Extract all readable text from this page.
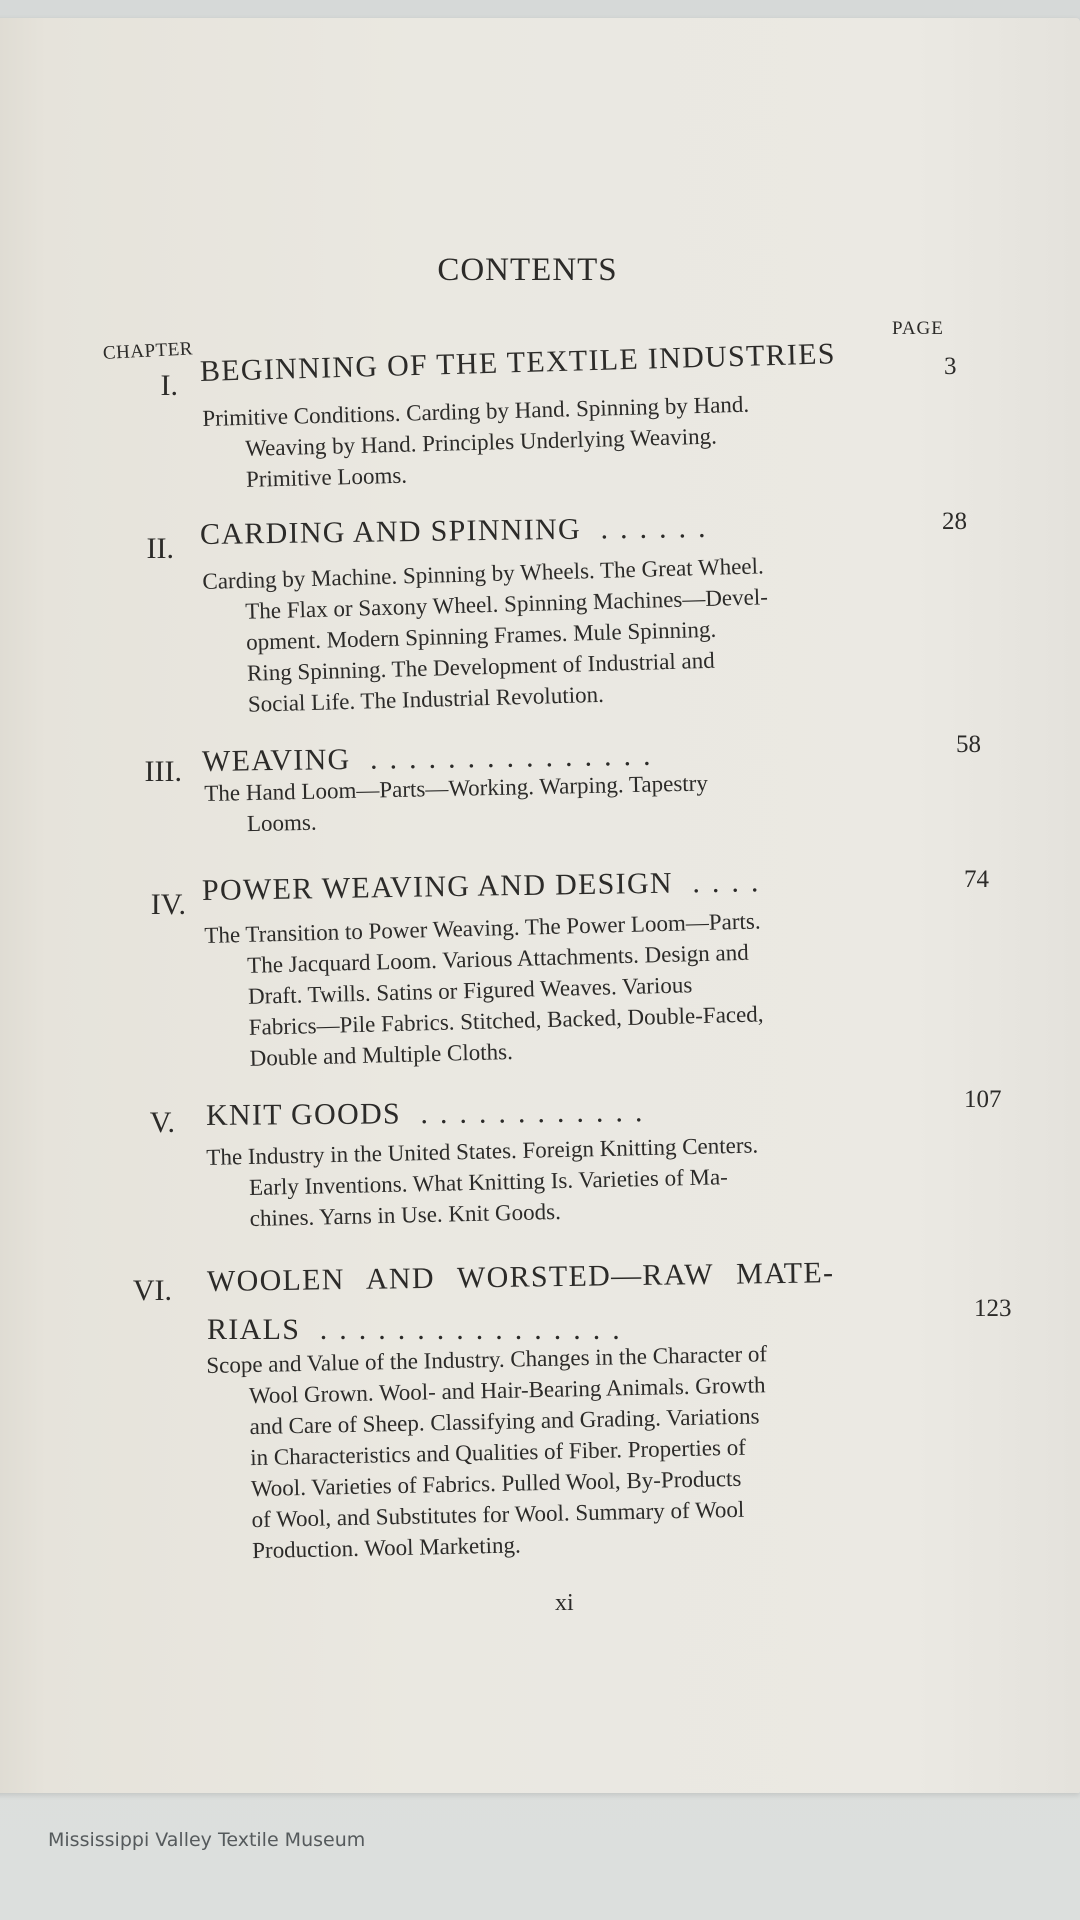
CONTENTS
PAGE
CHAPTER
I. BEGINNING OF THE TEXTILE INDUSTRIES	3
Primitive Conditions. Carding by Hand. Spinning by Hand.
Weaving by Hand. Principles Underlying Weaving.
Primitive Looms.
II. CARDING AND SPINNING ......	28
Carding by Machine. Spinning by Wheels. The Great Wheel.
The Flax or Saxony Wheel. Spinning Machines—Devel-
opment. Modern Spinning Frames. Mule Spinning.
Ring Spinning. The Development of Industrial and
Social Life. The Industrial Revolution.
III. WEAVING ...............	58
The Hand Loom—Parts—Working. Warping. Tapestry
Looms.
IV. POWER WEAVING AND DESIGN ....	74
The Transition to Power Weaving. The Power Loom—Parts.
The Jacquard Loom. Various Attachments. Design and
Draft. Twills. Satins or Figured Weaves. Various
Fabrics—Pile Fabrics. Stitched, Backed, Double-Faced,
Double and Multiple Cloths.
V. KNIT GOODS ............	107
The Industry in the United States. Foreign Knitting Centers.
Early Inventions. What Knitting Is. Varieties of Ma-
chines. Yarns in Use. Knit Goods.
VI. WOOLEN AND WORSTED—RAW MATE-
RIALS ................
123
Scope and Value of the Industry. Changes in the Character of
Wool Grown. Wool- and Hair-Bearing Animals. Growth
and Care of Sheep. Classifying and Grading. Variations
in Characteristics and Qualities of Fiber. Properties of
Wool. Varieties of Fabrics. Pulled Wool, By-Products
of Wool, and Substitutes for Wool. Summary of Wool
Production. Wool Marketing.
xi
Mississippi Valley Textile Museum
